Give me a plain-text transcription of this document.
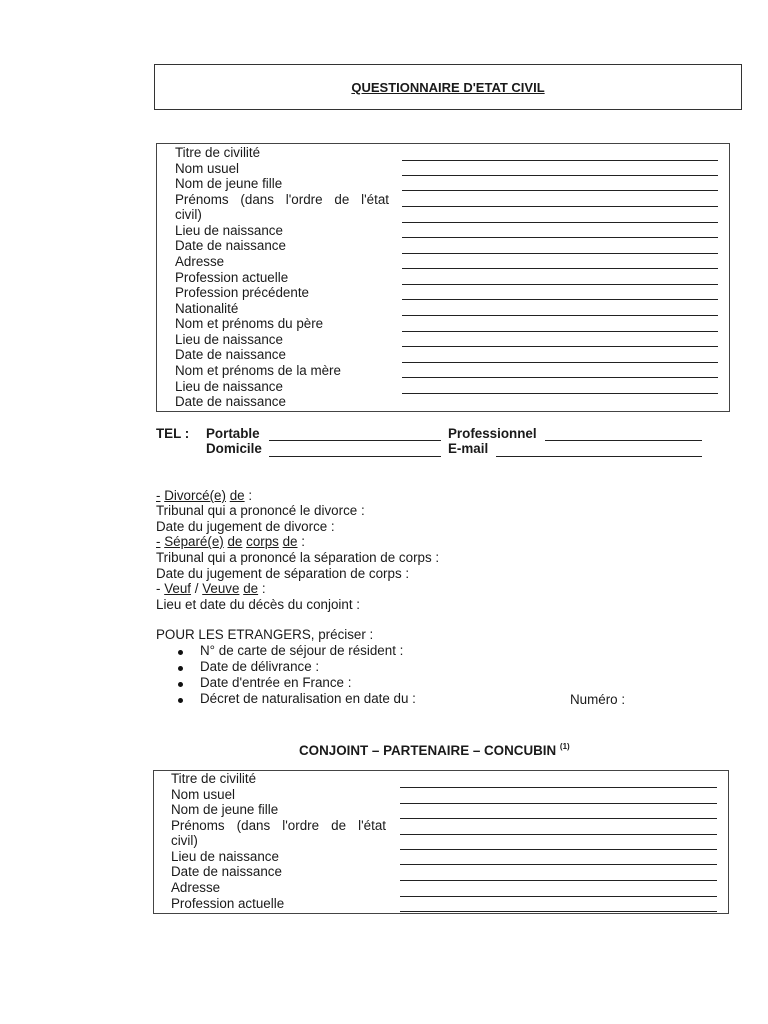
QUESTIONNAIRE D'ETAT CIVIL
Titre de civilité
Nom usuel
Nom de jeune fille
Prénoms (dans l'ordre de l'état
civil)
Lieu de naissance
Date de naissance
Adresse
Profession actuelle
Profession précédente
Nationalité
Nom et prénoms du père
Lieu de naissance
Date de naissance
Nom et prénoms de la mère
Lieu de naissance
Date de naissance
TEL : Portable	Professionnel
Domicile	E-mail
- Divorcé(e) de :
Tribunal qui a prononcé le divorce :
Date du jugement de divorce :
- Séparé(e) de corps de :
Tribunal qui a prononcé la séparation de corps :
Date du jugement de séparation de corps :
- Veuf / Veuve de :
Lieu et date du décès du conjoint :
POUR LES ETRANGERS, préciser :
N° de carte de séjour de résident :
Date de délivrance :
Date d'entrée en France :
Décret de naturalisation en date du :	Numéro :
CONJOINT – PARTENAIRE – CONCUBIN $^{(1)}$
Titre de civilité
Nom usuel
Nom de jeune fille
Prénoms (dans l'ordre de l'état
civil)
Lieu de naissance
Date de naissance
Adresse
Profession actuelle
